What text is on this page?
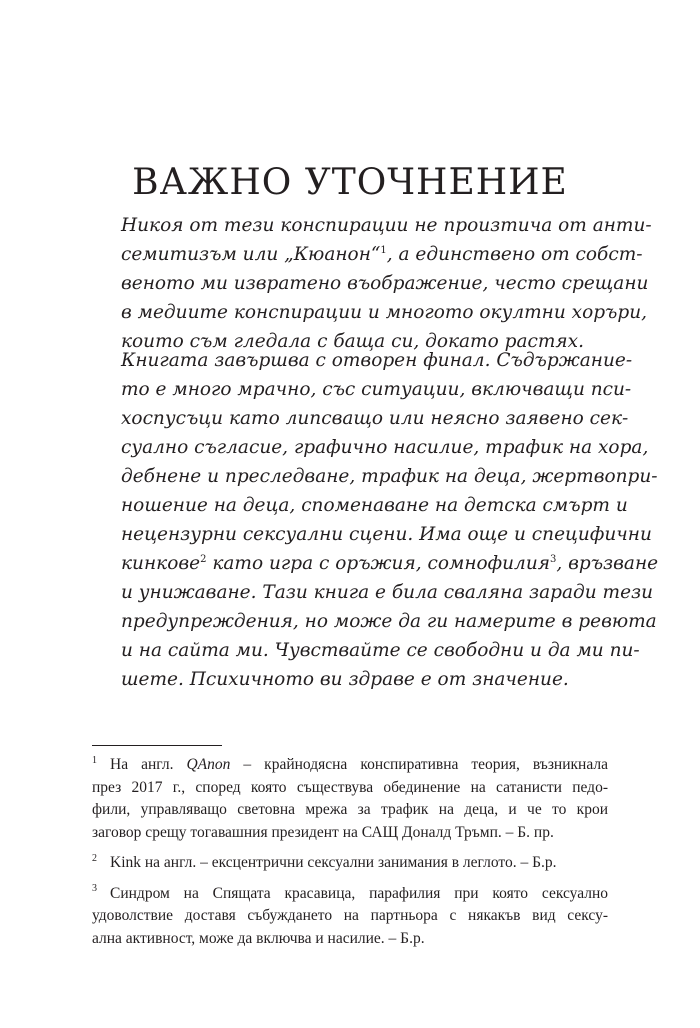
ВАЖНО УТОЧНЕНИЕ
Никоя от тези конспирации не произтича от анти-
семитизъм или „Кюанон“$^1$, а единствено от собст-
веното ми извратено въображение, често срещани
в медиите конспирации и многото окултни хоръри,
които съм гледала с баща си, докато растях.
Книгата завършва с отворен финал. Съдържание-
то е много мрачно, със ситуации, включващи пси-
хоспусъци като липсващо или неясно заявено сек-
суално съгласие, графично насилие, трафик на хора,
дебнене и преследване, трафик на деца, жертвопри-
ношение на деца, споменаване на детска смърт и
нецензурни сексуални сцени. Има още и специфични
кинкове$^2$ като игра с оръжия, сомнофилия$^3$, връзване
и унижаване. Тази книга е била сваляна заради тези
предупреждения, но може да ги намерите в ревюта
и на сайта ми. Чувствайте се свободни и да ми пи-
шете. Психичното ви здраве е от значение.
1 На англ. QAnon – крайнодясна конспиративна теория, възникнала
през 2017 г., според която съществува обединение на сатанисти педо-
фили, управляващо световна мрежа за трафик на деца, и че то крои
заговор срещу тогавашния президент на САЩ Доналд Тръмп. – Б. пр.
2 Kink на англ. – ексцентрични сексуални занимания в леглото. – Б.р.
3 Синдром на Спящата красавица, парафилия при която сексуално
удоволствие доставя събуждането на партньора с някакъв вид сексу-
ална активност, може да включва и насилие. – Б.р.
